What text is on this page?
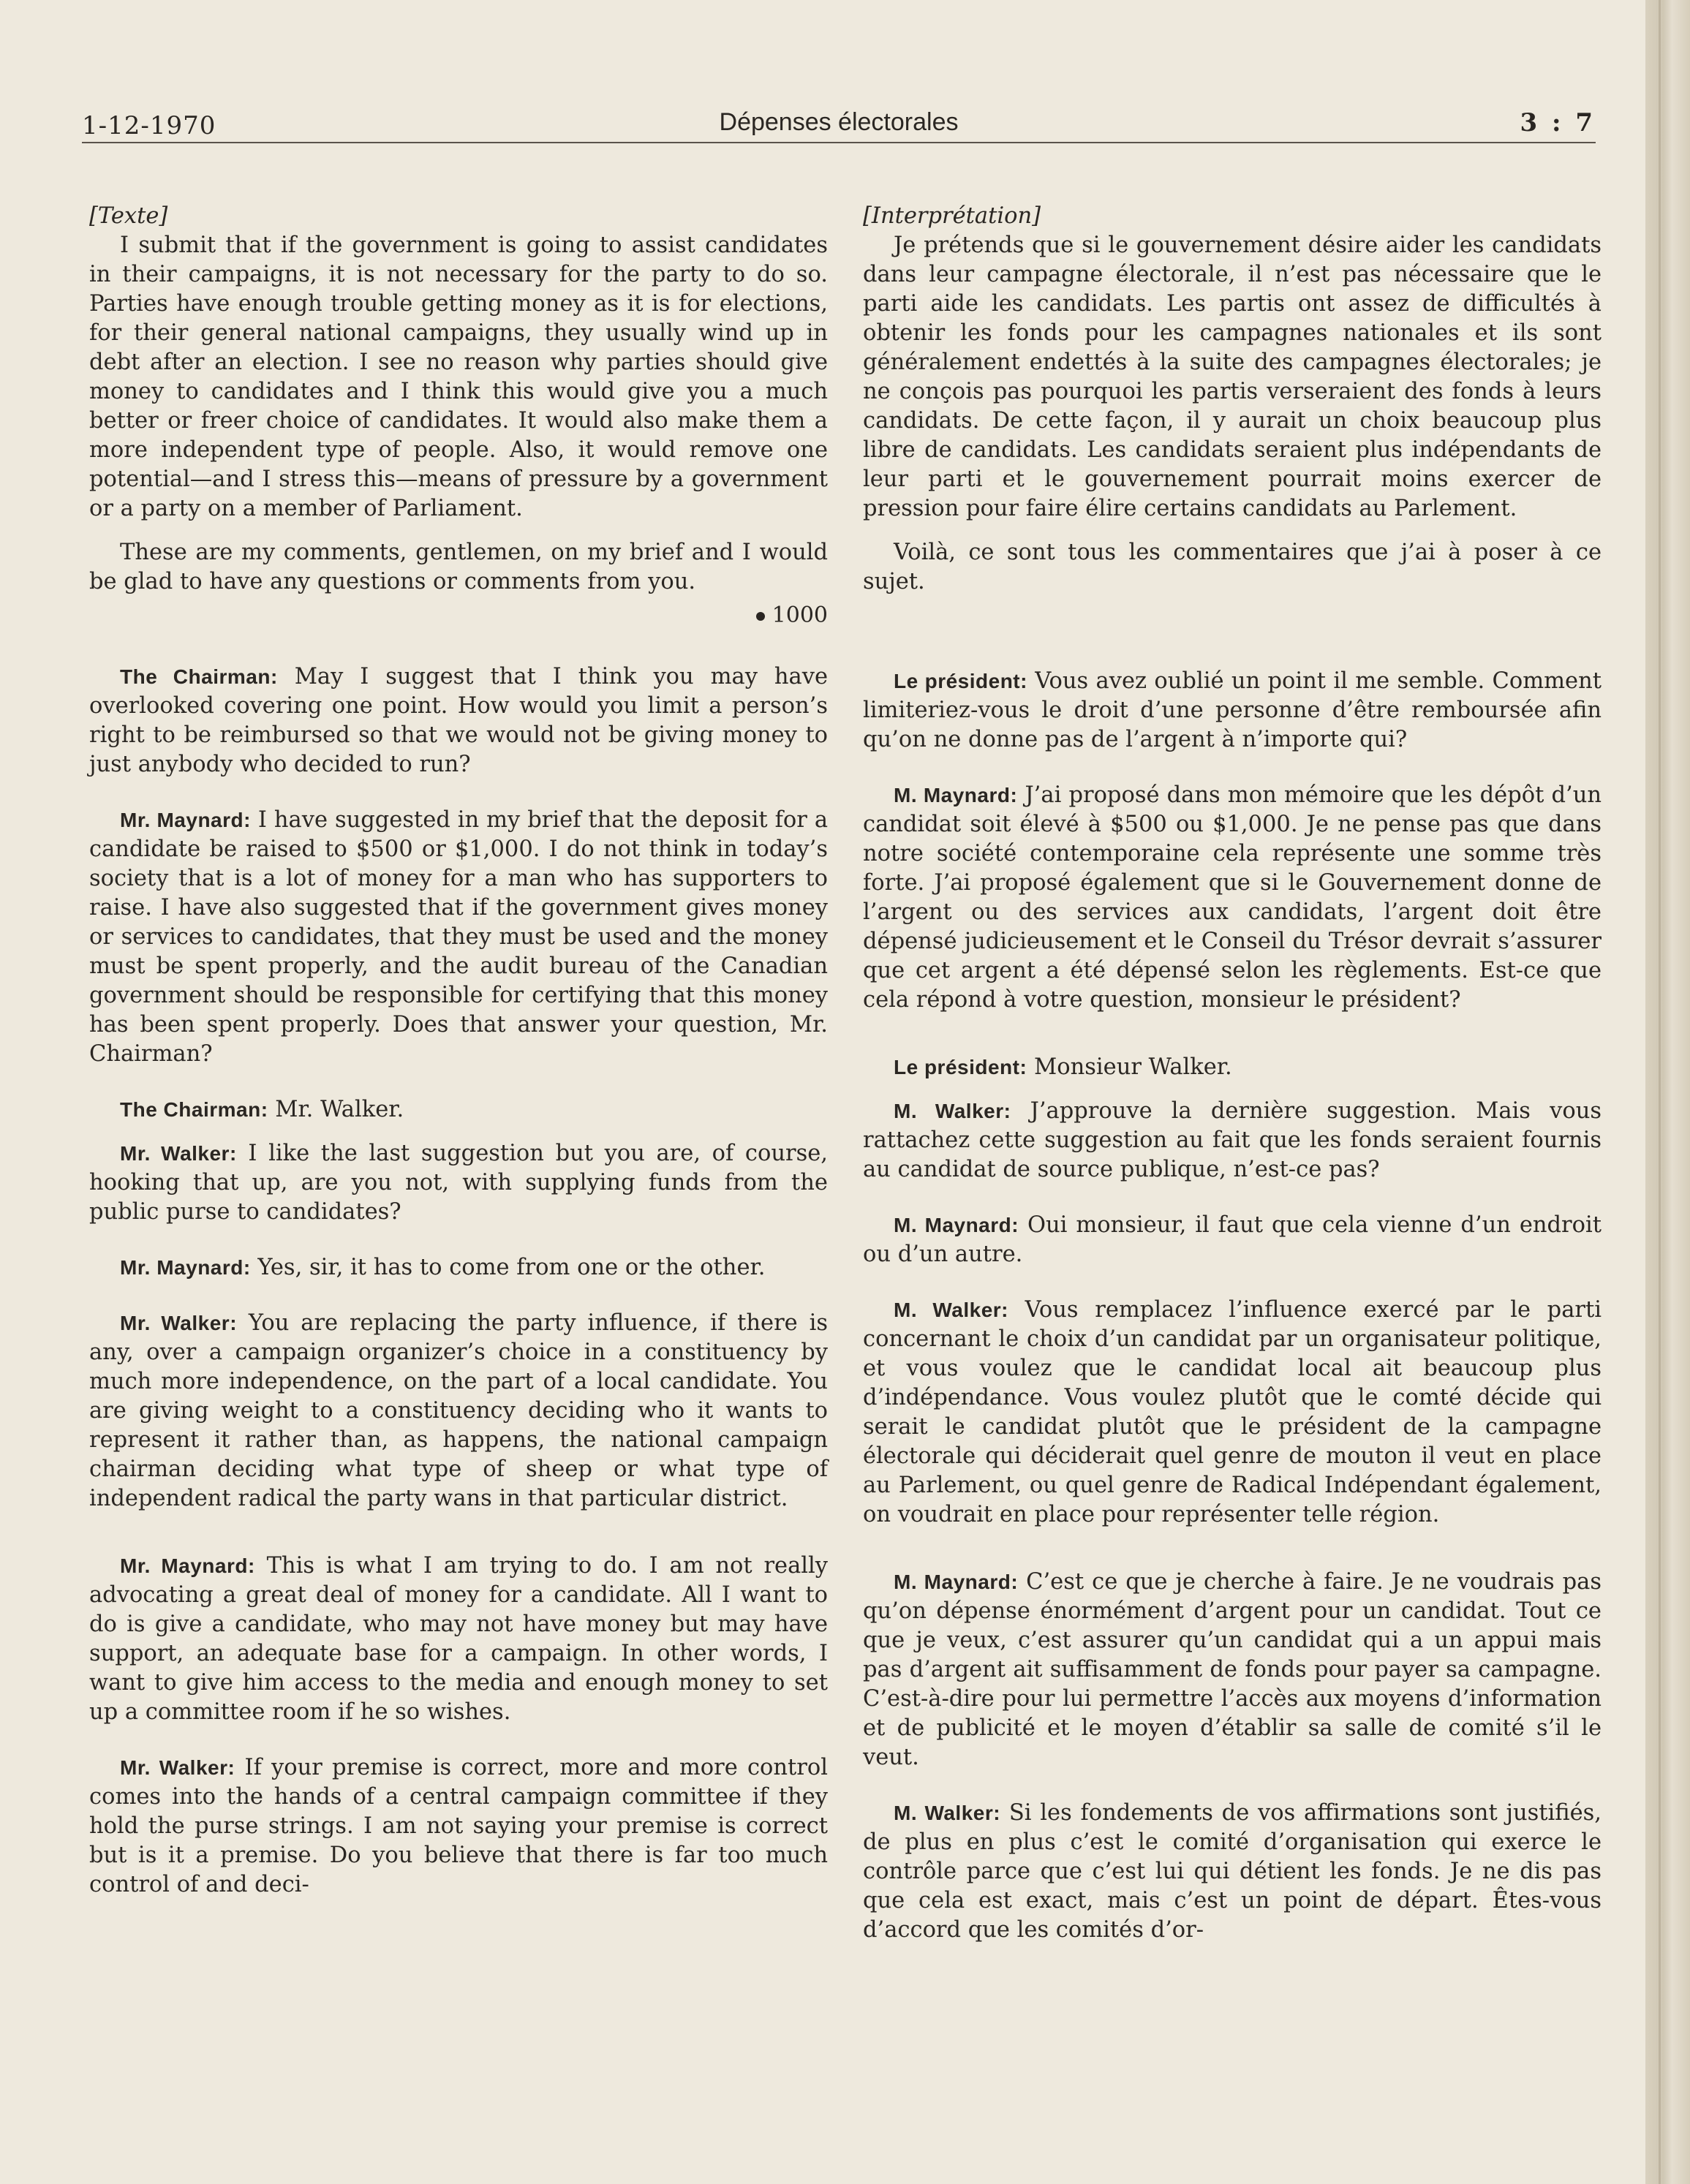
1-12-1970	Dépenses électorales	3 : 7

[Texte]

I submit that if the government is going to assist candidates in their campaigns, it is not necessary for the party to do so. Parties have enough trouble getting money as it is for elections, for their general national campaigns, they usually wind up in debt after an election. I see no reason why parties should give money to candidates and I think this would give you a much better or freer choice of candidates. It would also make them a more independent type of people. Also, it would remove one potential—and I stress this—means of pressure by a government or a party on a member of Parliament.

These are my comments, gentlemen, on my brief and I would be glad to have any questions or comments from you.

1000

The Chairman: May I suggest that I think you may have overlooked covering one point. How would you limit a person’s right to be reimbursed so that we would not be giving money to just anybody who decided to run?

Mr. Maynard: I have suggested in my brief that the deposit for a candidate be raised to $500 or $1,000. I do not think in today’s society that is a lot of money for a man who has supporters to raise. I have also suggested that if the government gives money or services to candidates, that they must be used and the money must be spent properly, and the audit bureau of the Canadian government should be responsible for certifying that this money has been spent properly. Does that answer your question, Mr. Chairman?

The Chairman: Mr. Walker.

Mr. Walker: I like the last suggestion but you are, of course, hooking that up, are you not, with supplying funds from the public purse to candidates?

Mr. Maynard: Yes, sir, it has to come from one or the other.

Mr. Walker: You are replacing the party influence, if there is any, over a campaign organizer’s choice in a constituency by much more independence, on the part of a local candidate. You are giving weight to a constituency deciding who it wants to represent it rather than, as happens, the national campaign chairman deciding what type of sheep or what type of independent radical the party wans in that particular district.

Mr. Maynard: This is what I am trying to do. I am not really advocating a great deal of money for a candidate. All I want to do is give a candidate, who may not have money but may have support, an adequate base for a campaign. In other words, I want to give him access to the media and enough money to set up a committee room if he so wishes.

Mr. Walker: If your premise is correct, more and more control comes into the hands of a central campaign committee if they hold the purse strings. I am not saying your premise is correct but is it a premise. Do you believe that there is far too much control of and deci-

[Interprétation]

Je prétends que si le gouvernement désire aider les candidats dans leur campagne électorale, il n’est pas nécessaire que le parti aide les candidats. Les partis ont assez de difficultés à obtenir les fonds pour les campagnes nationales et ils sont généralement endettés à la suite des campagnes électorales; je ne conçois pas pourquoi les partis verseraient des fonds à leurs candidats. De cette façon, il y aurait un choix beaucoup plus libre de candidats. Les candidats seraient plus indépendants de leur parti et le gouvernement pourrait moins exercer de pression pour faire élire certains candidats au Parlement.

Voilà, ce sont tous les commentaires que j’ai à poser à ce sujet.

Le président: Vous avez oublié un point il me semble. Comment limiteriez-vous le droit d’une personne d’être remboursée afin qu’on ne donne pas de l’argent à n’importe qui?

M. Maynard: J’ai proposé dans mon mémoire que les dépôt d’un candidat soit élevé à $500 ou $1,000. Je ne pense pas que dans notre société contemporaine cela représente une somme très forte. J’ai proposé également que si le Gouvernement donne de l’argent ou des services aux candidats, l’argent doit être dépensé judicieusement et le Conseil du Trésor devrait s’assurer que cet argent a été dépensé selon les règlements. Est-ce que cela répond à votre question, monsieur le président?

Le président: Monsieur Walker.

M. Walker: J’approuve la dernière suggestion. Mais vous rattachez cette suggestion au fait que les fonds seraient fournis au candidat de source publique, n’est-ce pas?

M. Maynard: Oui monsieur, il faut que cela vienne d’un endroit ou d’un autre.

M. Walker: Vous remplacez l’influence exercé par le parti concernant le choix d’un candidat par un organisateur politique, et vous voulez que le candidat local ait beaucoup plus d’indépendance. Vous voulez plutôt que le comté décide qui serait le candidat plutôt que le président de la campagne électorale qui déciderait quel genre de mouton il veut en place au Parlement, ou quel genre de Radical Indépendant également, on voudrait en place pour représenter telle région.

M. Maynard: C’est ce que je cherche à faire. Je ne voudrais pas qu’on dépense énormément d’argent pour un candidat. Tout ce que je veux, c’est assurer qu’un candidat qui a un appui mais pas d’argent ait suffisamment de fonds pour payer sa campagne. C’est-à-dire pour lui permettre l’accès aux moyens d’information et de publicité et le moyen d’établir sa salle de comité s’il le veut.

M. Walker: Si les fondements de vos affirmations sont justifiés, de plus en plus c’est le comité d’organisation qui exerce le contrôle parce que c’est lui qui détient les fonds. Je ne dis pas que cela est exact, mais c’est un point de départ. Êtes-vous d’accord que les comités d’or-
